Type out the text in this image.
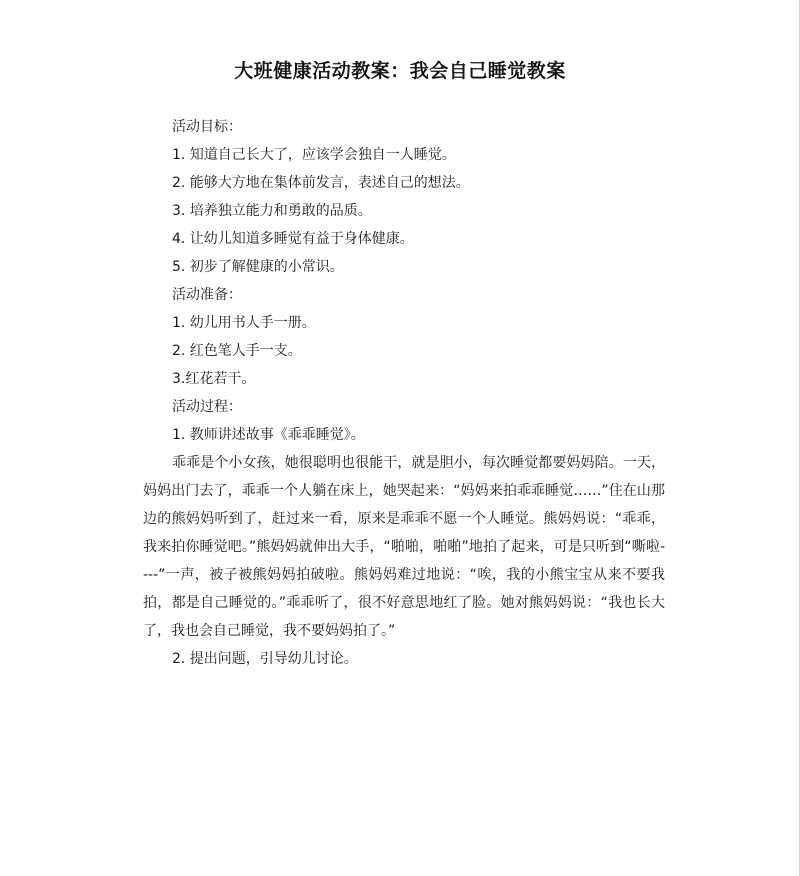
大班健康活动教案：我会自己睡觉教案
活动目标：
1. 知道自己长大了，应该学会独自一人睡觉。
2. 能够大方地在集体前发言，表述自己的想法。
3. 培养独立能力和勇敢的品质。
4. 让幼儿知道多睡觉有益于身体健康。
5. 初步了解健康的小常识。
活动准备：
1. 幼儿用书人手一册。
2. 红色笔人手一支。
3.红花若干。
活动过程：
1. 教师讲述故事《乖乖睡觉》。
乖乖是个小女孩，她很聪明也很能干，就是胆小，每次睡觉都要妈妈陪。一天，妈妈出门去了，乖乖一个人躺在床上，她哭起来：“妈妈来拍乖乖睡觉……”住在山那边的熊妈妈听到了，赶过来一看，原来是乖乖不愿一个人睡觉。熊妈妈说：“乖乖，我来拍你睡觉吧。”熊妈妈就伸出大手，“啪啪，啪啪”地拍了起来，可是只听到“嘶啦----”一声，被子被熊妈妈拍破啦。熊妈妈难过地说：“唉，我的小熊宝宝从来不要我拍，都是自己睡觉的。”乖乖听了，很不好意思地红了脸。她对熊妈妈说：“我也长大了，我也会自己睡觉，我不要妈妈拍了。”
2. 提出问题，引导幼儿讨论。
